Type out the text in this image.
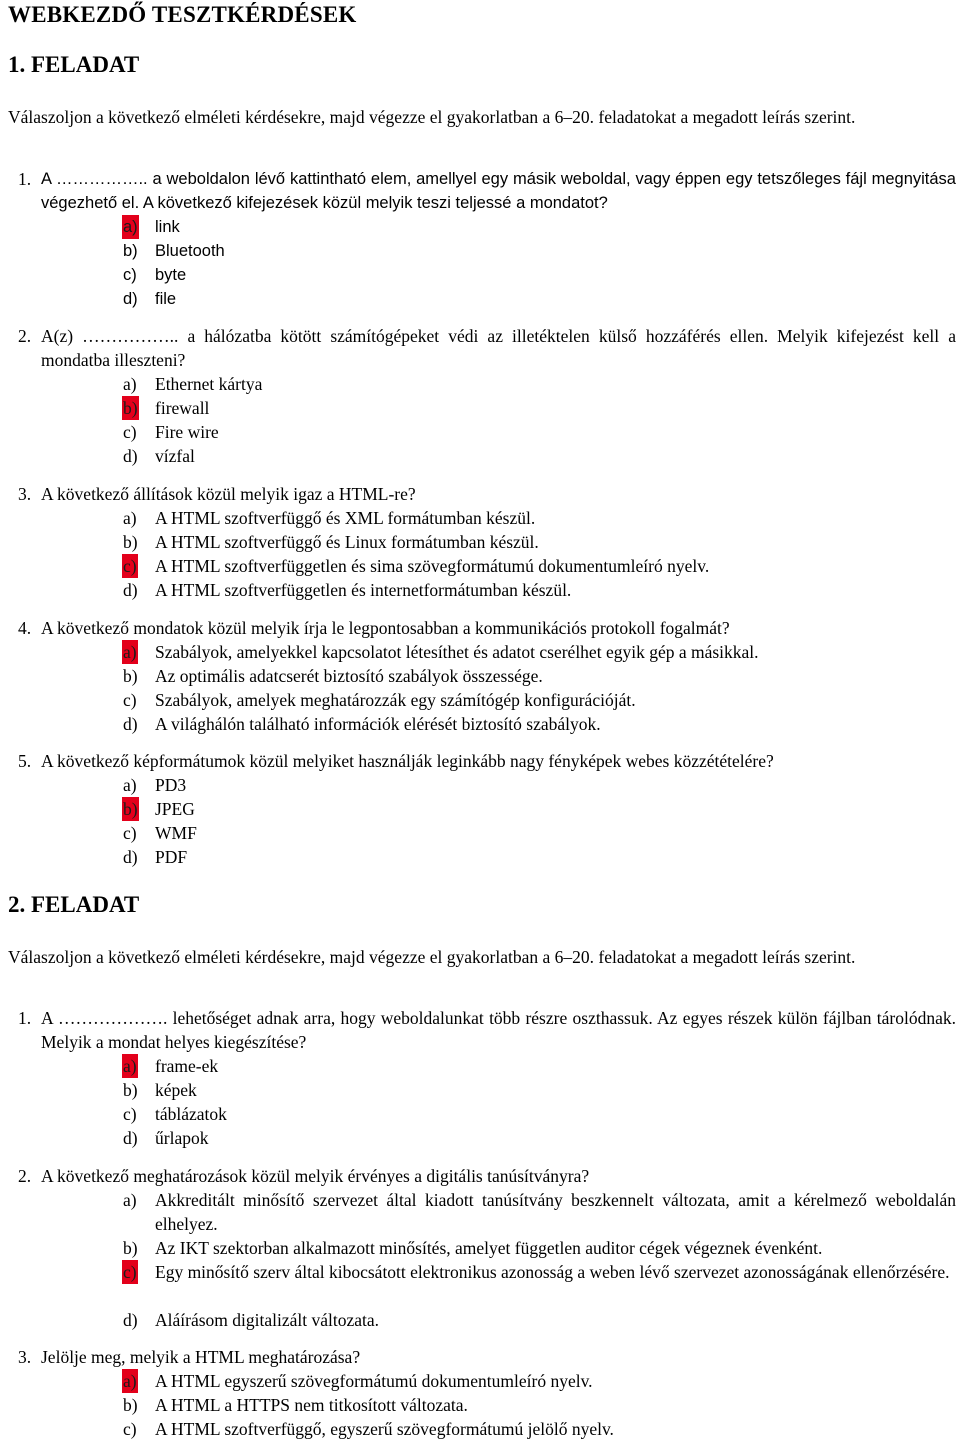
WEBKEZDŐ TESZTKÉRDÉSEK
1. FELADAT
Válaszoljon a következő elméleti kérdésekre, majd végezze el gyakorlatban a 6–20. feladatokat a megadott leírás szerint.
1. A …………….. a weboldalon lévő kattintható elem, amellyel egy másik weboldal, vagy éppen egy tetszőleges fájl megnyitása végezhető el. A következő kifejezések közül melyik teszi teljessé a mondatot?
a) link
b) Bluetooth
c) byte
d) file
2. A(z) …………….. a hálózatba kötött számítógépeket védi az illetéktelen külső hozzáférés ellen. Melyik kifejezést kell a mondatba illeszteni?
a) Ethernet kártya
b) firewall
c) Fire wire
d) vízfal
3. A következő állítások közül melyik igaz a HTML-re?
a) A HTML szoftverfüggő és XML formátumban készül.
b) A HTML szoftverfüggő és Linux formátumban készül.
c) A HTML szoftverfüggetlen és sima szövegformátumú dokumentumleíró nyelv.
d) A HTML szoftverfüggetlen és internetformátumban készül.
4. A következő mondatok közül melyik írja le legpontosabban a kommunikációs protokoll fogalmát?
a) Szabályok, amelyekkel kapcsolatot létesíthet és adatot cserélhet egyik gép a másikkal.
b) Az optimális adatcserét biztosító szabályok összessége.
c) Szabályok, amelyek meghatározzák egy számítógép konfigurációját.
d) A világhálón található információk elérését biztosító szabályok.
5. A következő képformátumok közül melyiket használják leginkább nagy fényképek webes közzétételére?
a) PD3
b) JPEG
c) WMF
d) PDF
2. FELADAT
Válaszoljon a következő elméleti kérdésekre, majd végezze el gyakorlatban a 6–20. feladatokat a megadott leírás szerint.
1. A ………………. lehetőséget adnak arra, hogy weboldalunkat több részre oszthassuk. Az egyes részek külön fájlban tárolódnak. Melyik a mondat helyes kiegészítése?
a) frame-ek
b) képek
c) táblázatok
d) űrlapok
2. A következő meghatározások közül melyik érvényes a digitális tanúsítványra?
a) Akkreditált minősítő szervezet által kiadott tanúsítvány beszkennelt változata, amit a kérelmező weboldalán elhelyez.
b) Az IKT szektorban alkalmazott minősítés, amelyet független auditor cégek végeznek évenként.
c) Egy minősítő szerv által kibocsátott elektronikus azonosság a weben lévő szervezet azonosságának ellenőrzésére.
d) Aláírásom digitalizált változata.
3. Jelölje meg, melyik a HTML meghatározása?
a) A HTML egyszerű szövegformátumú dokumentumleíró nyelv.
b) A HTML a HTTPS nem titkosított változata.
c) A HTML szoftverfüggő, egyszerű szövegformátumú jelölő nyelv.
